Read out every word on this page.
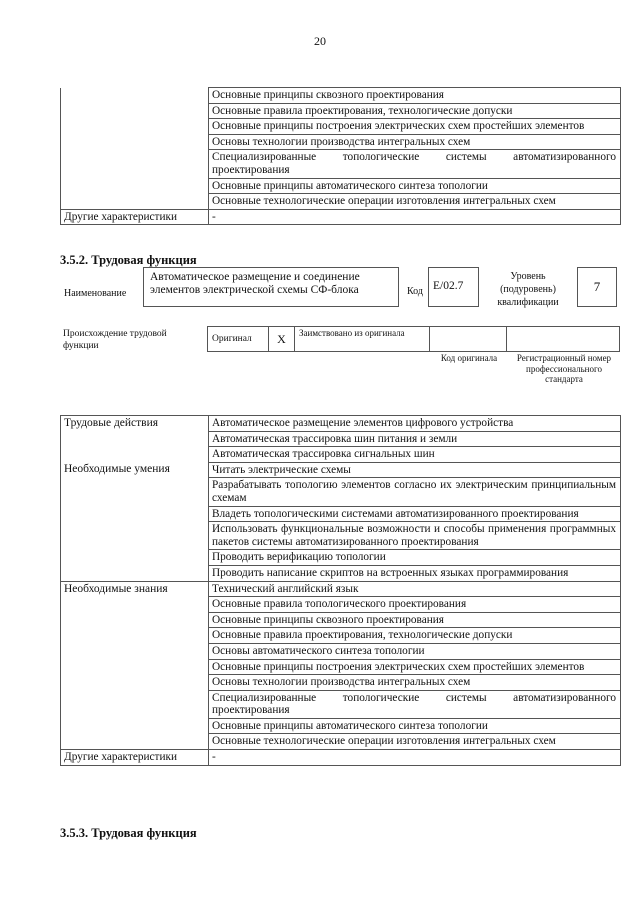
20
	Основные принципы сквозного проектирования
	Основные правила проектирования, технологические допуски
	Основные принципы построения электрических схем простейших элементов
	Основы технологии производства интегральных схем
	Специализированные топологические системы автоматизированного проектирования
	Основные принципы автоматического синтеза топологии
	Основные технологические операции изготовления интегральных схем
Другие характеристики	-
3.5.2. Трудовая функция
Наименование
Автоматическое размещение и соединение элементов электрической схемы СФ-блока	Код E/02.7
Уровень (подуровень) квалификации
7
Происхождение трудовой функции
Оригинал	X	Заимствовано из оригинала
Код оригинала	Регистрационный номер профессионального стандарта
Трудовые действия	Автоматическое размещение элементов цифрового устройства
	Автоматическая трассировка шин питания и земли
	Автоматическая трассировка сигнальных шин
Необходимые умения	Читать электрические схемы
	Разрабатывать топологию элементов согласно их электрическим принципиальным схемам
	Владеть топологическими системами автоматизированного проектирования
	Использовать функциональные возможности и способы применения программных пакетов системы автоматизированного проектирования
	Проводить верификацию топологии
	Проводить написание скриптов на встроенных языках программирования
Необходимые знания	Технический английский язык
	Основные правила топологического проектирования
	Основные принципы сквозного проектирования
	Основные правила проектирования, технологические допуски
	Основы автоматического синтеза топологии
	Основные принципы построения электрических схем простейших элементов
	Основы технологии производства интегральных схем
	Специализированные топологические системы автоматизированного проектирования
	Основные принципы автоматического синтеза топологии
	Основные технологические операции изготовления интегральных схем
Другие характеристики	-
3.5.3. Трудовая функция
